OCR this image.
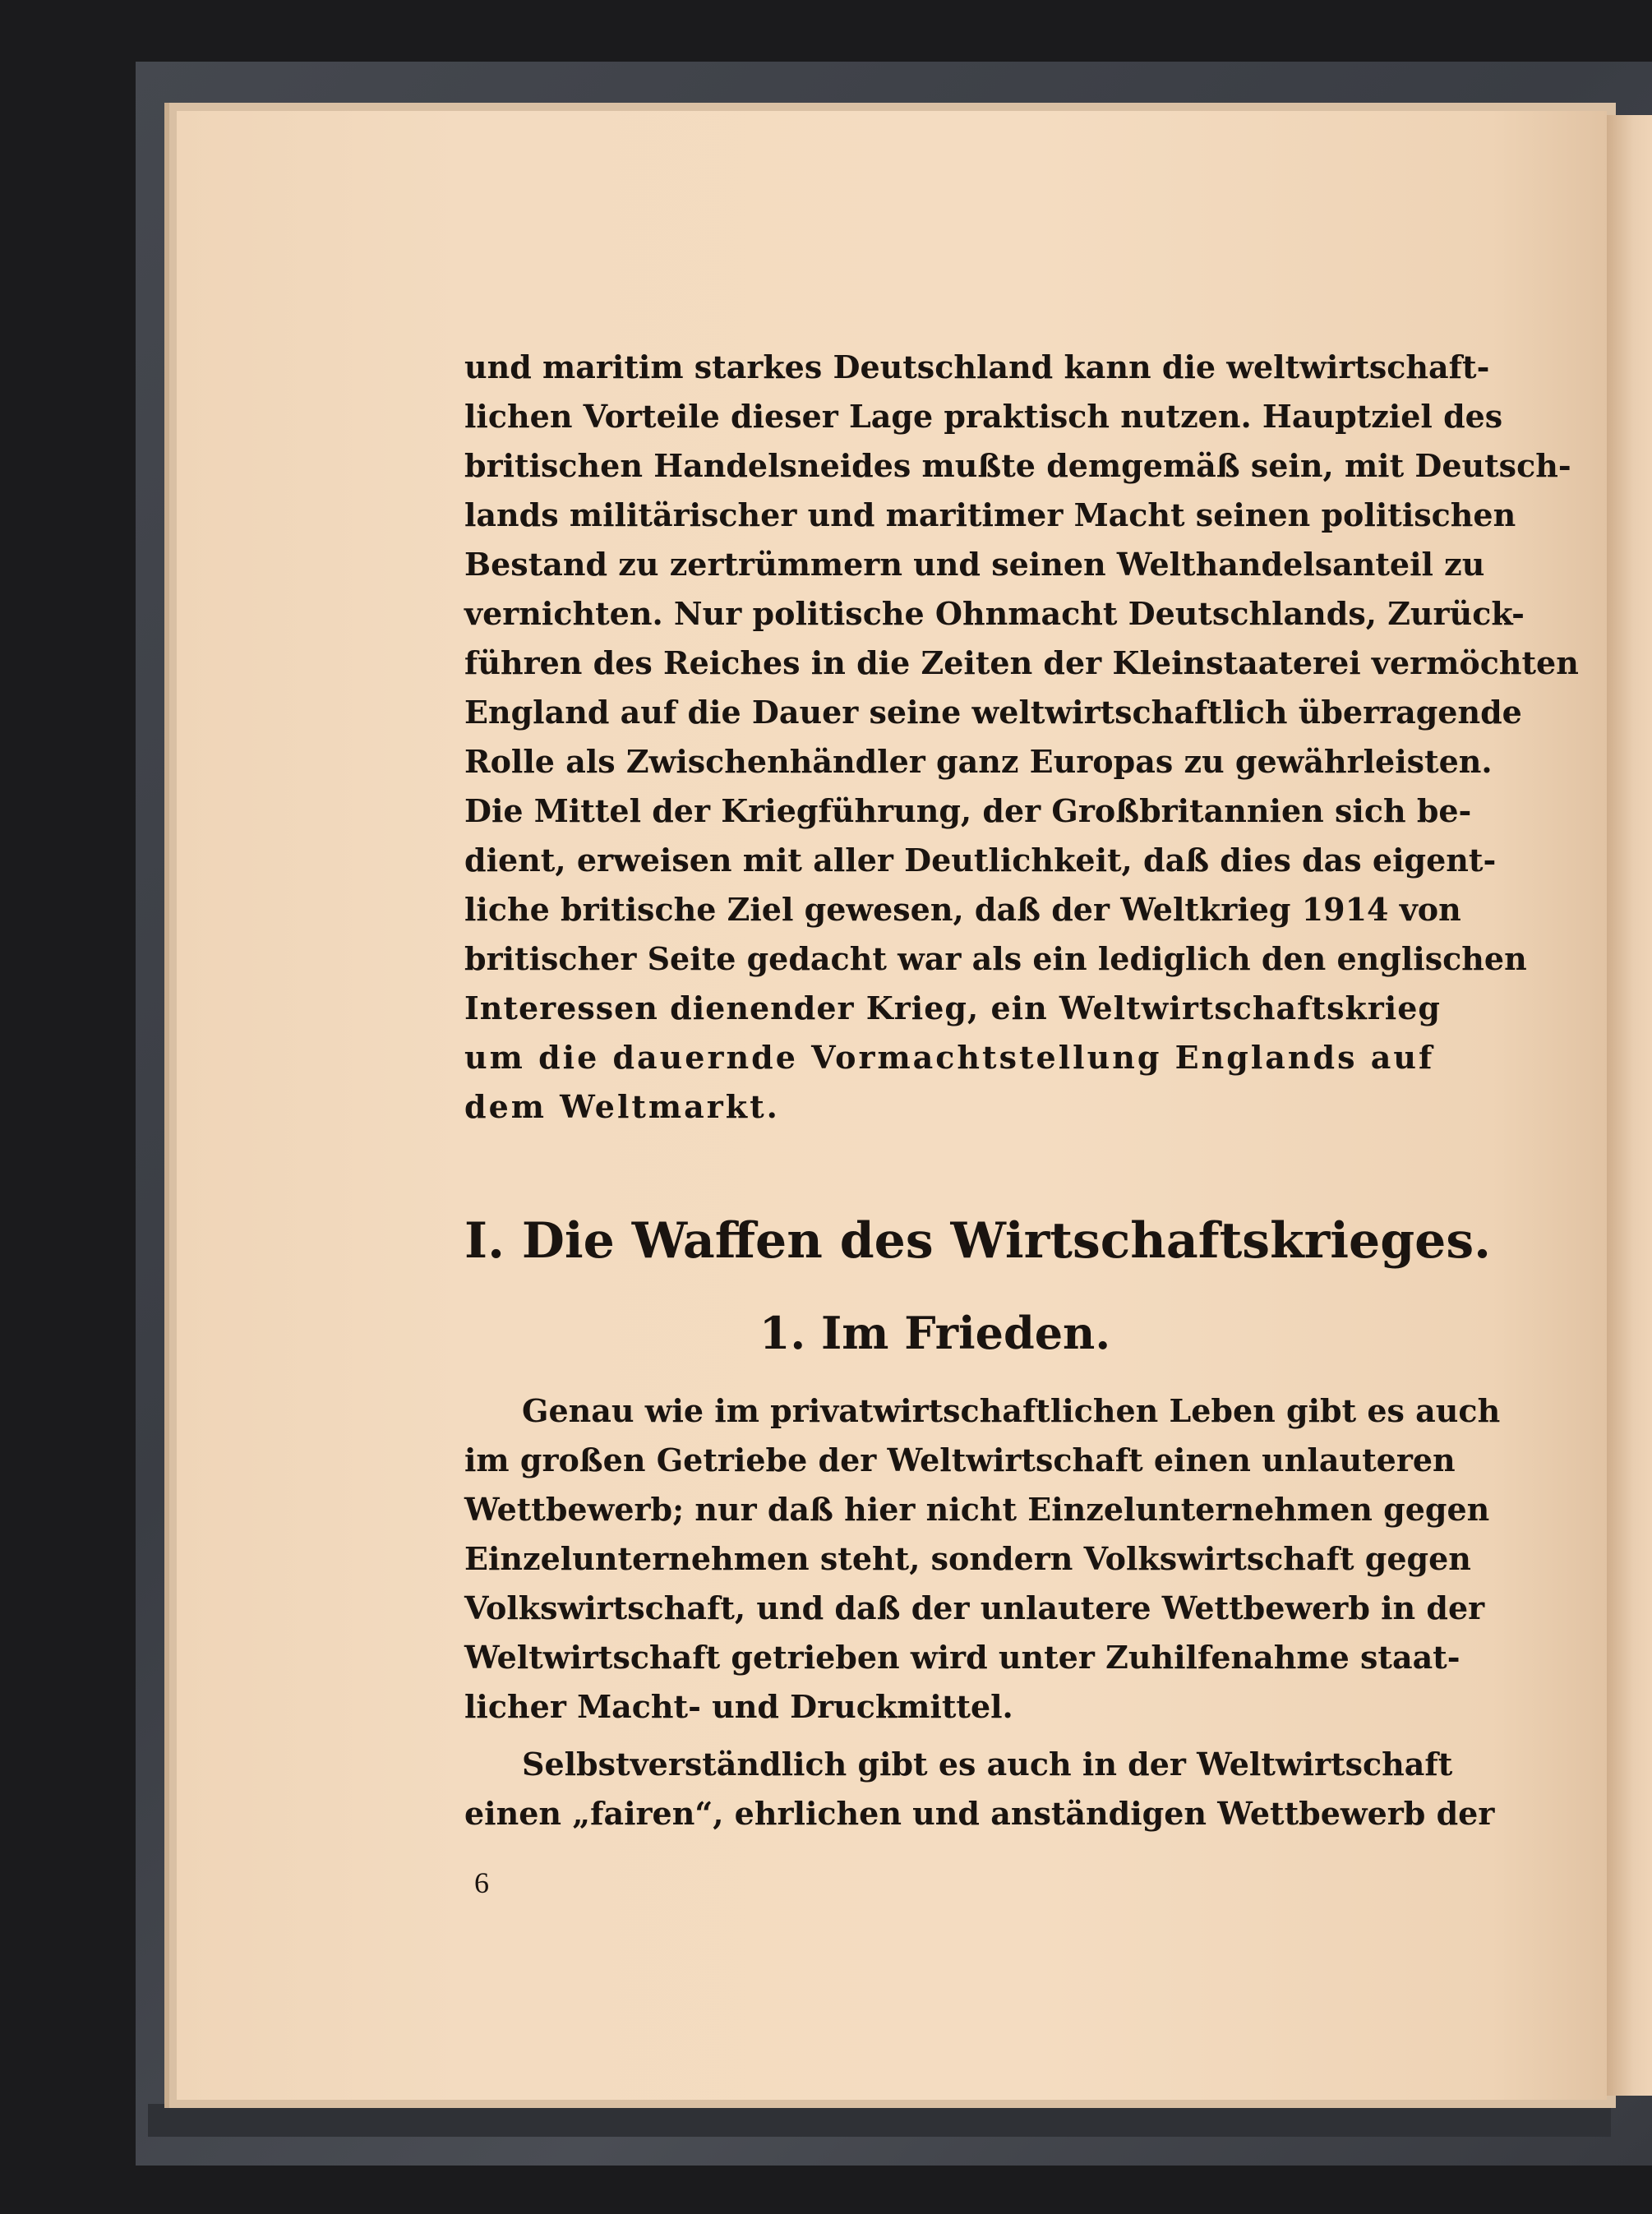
und maritim starkes Deutschland kann die weltwirtschaft-
lichen Vorteile dieser Lage praktisch nutzen. Hauptziel des
britischen Handelsneides mußte demgemäß sein, mit Deutsch-
lands militärischer und maritimer Macht seinen politischen
Bestand zu zertrümmern und seinen Welthandelsanteil zu
vernichten. Nur politische Ohnmacht Deutschlands, Zurück-
führen des Reiches in die Zeiten der Kleinstaaterei vermöchten
England auf die Dauer seine weltwirtschaftlich überragende
Rolle als Zwischenhändler ganz Europas zu gewährleisten.
Die Mittel der Kriegführung, der Großbritannien sich be-
dient, erweisen mit aller Deutlichkeit, daß dies das eigent-
liche britische Ziel gewesen, daß der Weltkrieg 1914 von
britischer Seite gedacht war als ein lediglich den englischen
Interessen dienender Krieg, ein Weltwirtschaftskrieg
um die dauernde Vormachtstellung Englands auf
dem Weltmarkt.
I. Die Waffen des Wirtschaftskrieges.
1. Im Frieden.
Genau wie im privatwirtschaftlichen Leben gibt es auch
im großen Getriebe der Weltwirtschaft einen unlauteren
Wettbewerb; nur daß hier nicht Einzelunternehmen gegen
Einzelunternehmen steht, sondern Volkswirtschaft gegen
Volkswirtschaft, und daß der unlautere Wettbewerb in der
Weltwirtschaft getrieben wird unter Zuhilfenahme staat-
licher Macht- und Druckmittel.
Selbstverständlich gibt es auch in der Weltwirtschaft
einen „fairen“, ehrlichen und anständigen Wettbewerb der
6
